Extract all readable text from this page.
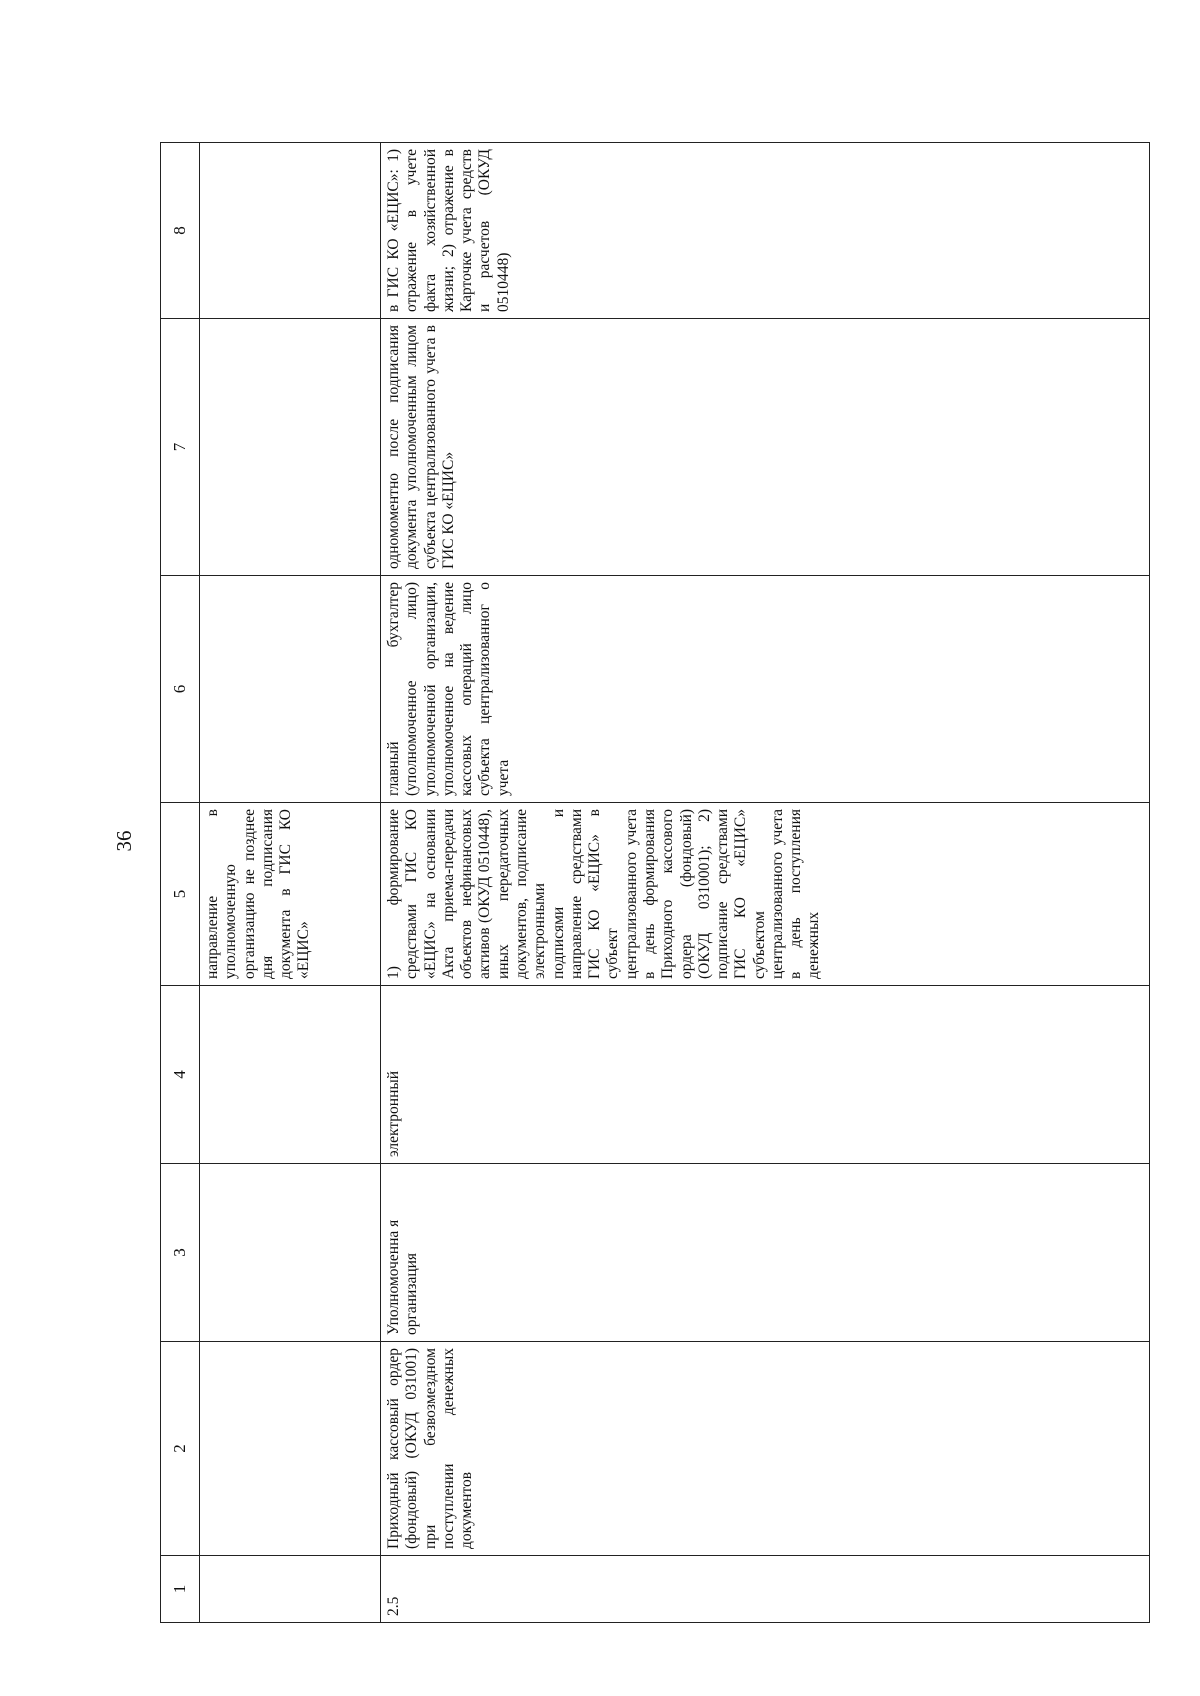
36
1	2	3	4	5	6	7	8
				направление в уполномоченную организацию не позднее дня подписания документа в ГИС КО «ЕЦИС»			
2.5	Приходный кассовый ордер (фондовый) (ОКУД 031001) при безвозмездном поступлении денежных документов	Уполномоченна я организация	электронный	1) формирование средствами ГИС КО «ЕЦИС» на основании Акта приема-передачи объектов нефинансовых активов (ОКУД 0510448), иных передаточных документов, подписание электронными подписями и направление средствами ГИС КО «ЕЦИС» в субъект централизованного учета в день формирования Приходного кассового ордера (фондовый) (ОКУД 0310001); 2) подписание средствами ГИС КО «ЕЦИС» субъектом централизованного учета в день поступления денежных	главный бухгалтер (уполномоченное лицо) уполномоченной организации, уполномоченное на ведение кассовых операций лицо субъекта централизованног о учета	одномоментно после подписания документа уполномоченным лицом субъекта централизованного учета в ГИС КО «ЕЦИС»	в ГИС КО «ЕЦИС»: 1) отражение в учете факта хозяйственной жизни; 2) отражение в Карточке учета средств и расчетов (ОКУД 0510448)
